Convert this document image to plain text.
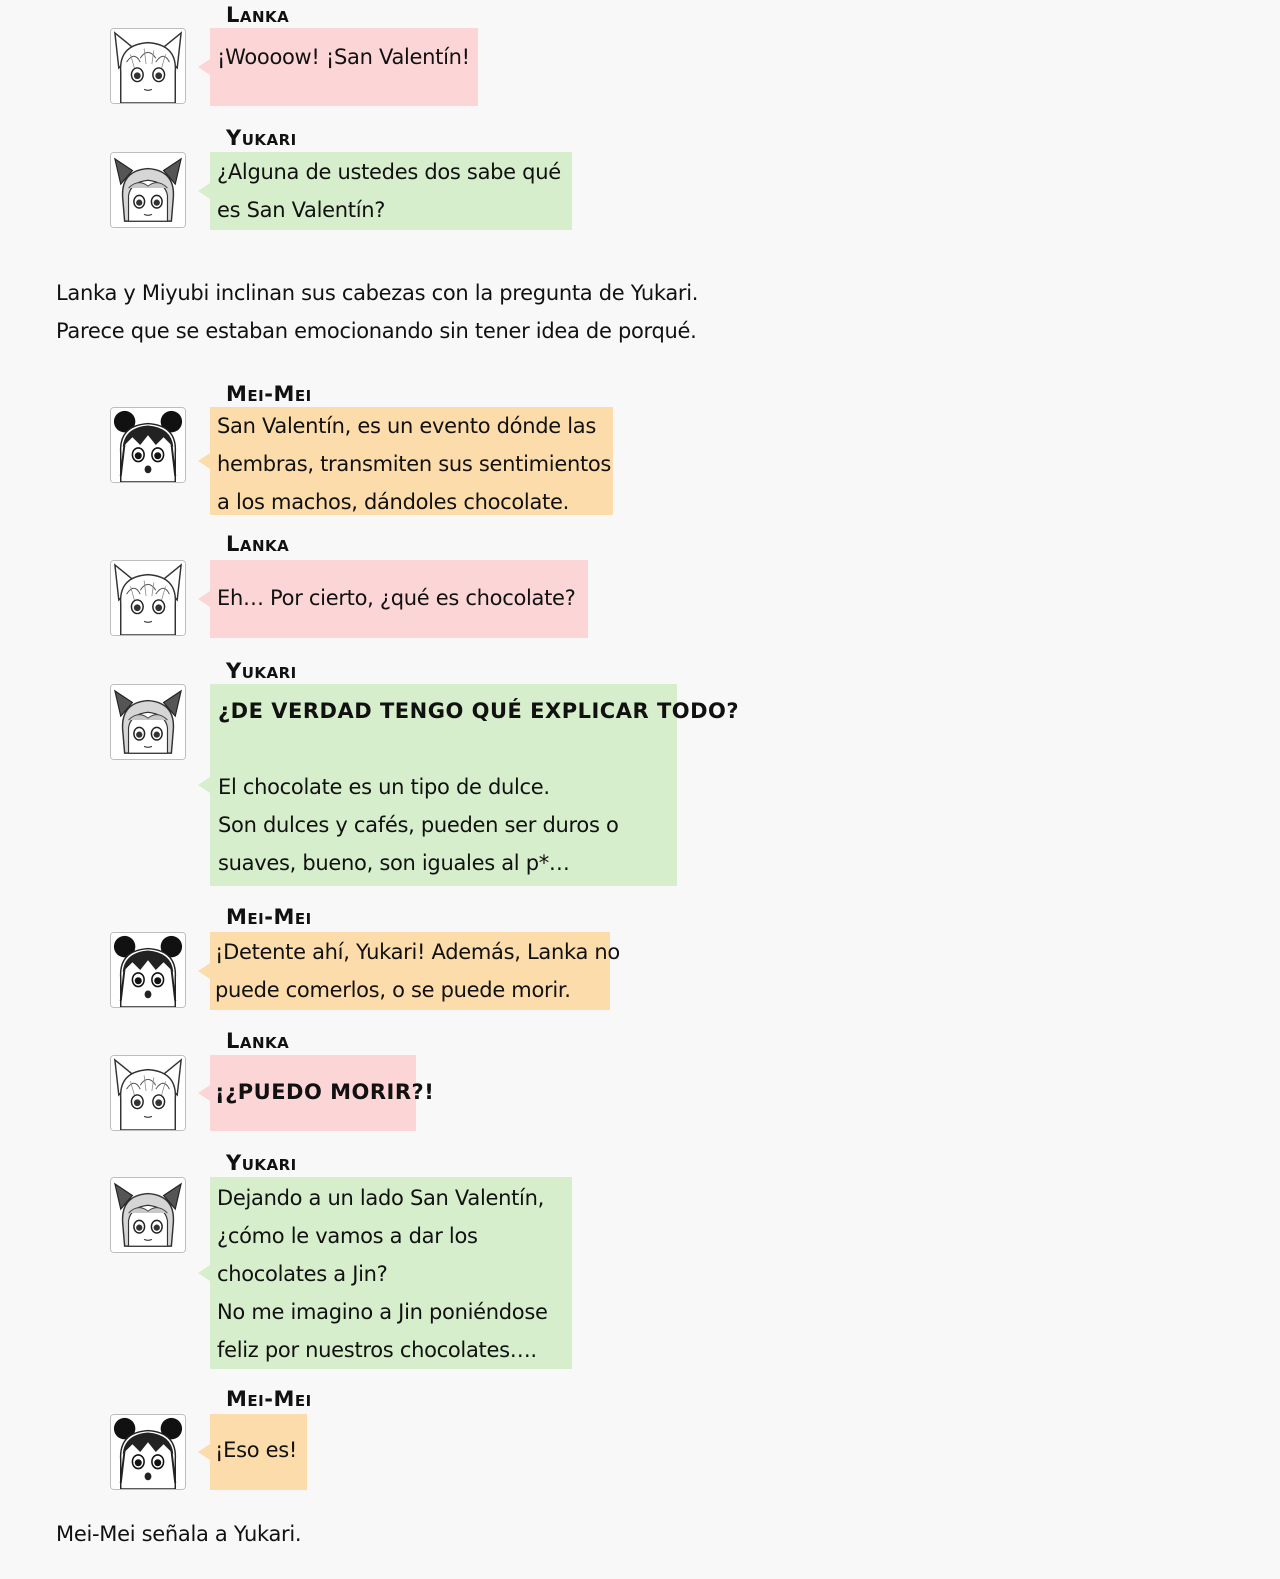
Lanka
¡Woooow! ¡San Valentín!
Yukari
¿Alguna de ustedes dos sabe qué
es San Valentín?
Lanka y Miyubi inclinan sus cabezas con la pregunta de Yukari.
Parece que se estaban emocionando sin tener idea de porqué.
Mei-Mei
San Valentín, es un evento dónde las
hembras, transmiten sus sentimientos
a los machos, dándoles chocolate.
Lanka
Eh… Por cierto, ¿qué es chocolate?
Yukari
¿DE VERDAD TENGO QUÉ EXPLICAR TODO?
El chocolate es un tipo de dulce.
Son dulces y cafés, pueden ser duros o
suaves, bueno, son iguales al p*…
Mei-Mei
¡Detente ahí, Yukari! Además, Lanka no
puede comerlos, o se puede morir.
Lanka
¡¿PUEDO MORIR?!
Yukari
Dejando a un lado San Valentín,
¿cómo le vamos a dar los
chocolates a Jin?
No me imagino a Jin poniéndose
feliz por nuestros chocolates….
Mei-Mei
¡Eso es!
Mei-Mei señala a Yukari.
